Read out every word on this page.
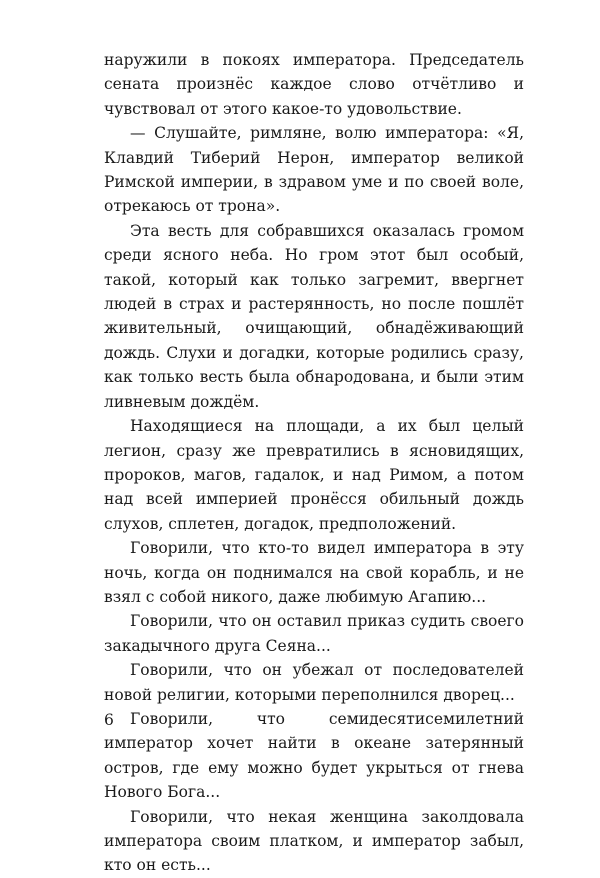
наружили в покоях императора. Председатель сената произнёс каждое слово отчётливо и чувствовал от этого какое-то удовольствие.

— Слушайте, римляне, волю императора: «Я, Клавдий Тиберий Нерон, император великой Римской империи, в здравом уме и по своей воле, отрекаюсь от трона».

Эта весть для собравшихся оказалась громом среди ясного неба. Но гром этот был особый, такой, который как только загремит, ввергнет людей в страх и растерянность, но после пошлёт живительный, очищающий, обнадёживающий дождь. Слухи и догадки, которые родились сразу, как только весть была обнародована, и были этим ливневым дождём.

Находящиеся на площади, а их был целый легион, сразу же превратились в ясновидящих, пророков, магов, гадалок, и над Римом, а потом над всей империей пронёсся обильный дождь слухов, сплетен, догадок, предположений.

Говорили, что кто-то видел императора в эту ночь, когда он поднимался на свой корабль, и не взял с собой никого, даже любимую Агапию...

Говорили, что он оставил приказ судить своего закадычного друга Сеяна...

Говорили, что он убежал от последователей новой религии, которыми переполнился дворец...

Говорили, что семидесятисемилетний император хочет найти в океане затерянный остров, где ему можно будет укрыться от гнева Нового Бога...

Говорили, что некая женщина заколдовала императора своим платком, и император забыл, кто он есть...

6
